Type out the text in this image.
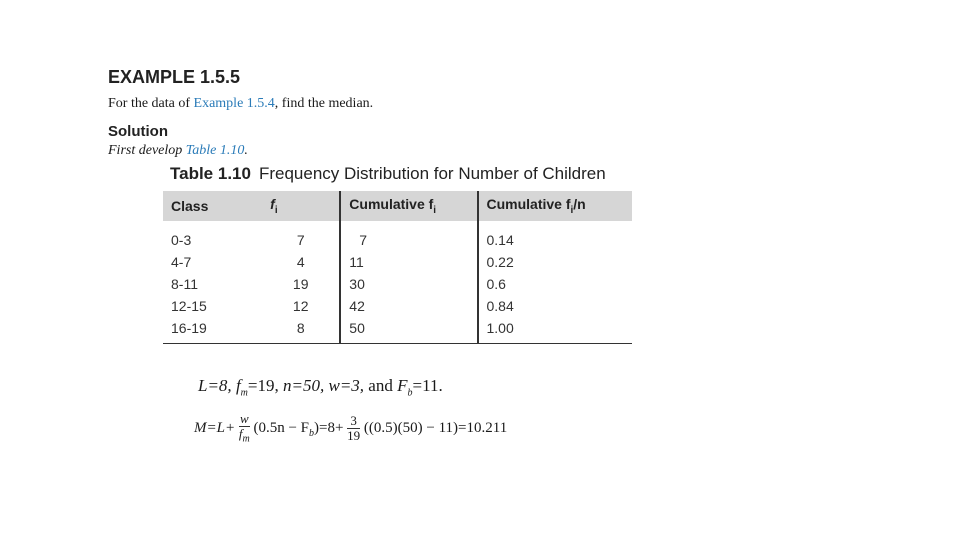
EXAMPLE 1.5.5
For the data of Example 1.5.4, find the median.
Solution
First develop Table 1.10.
Table 1.10 Frequency Distribution for Number of Children
Class	$f_i$	Cumulative $f_i$	Cumulative $f_i/n$
0-3	7	7	0.14
4-7	4	11	0.22
8-11	19	30	0.6
12-15	12	42	0.84
16-19	8	50	1.00
L=8, $f_m=19$, n=50, w=3, and $F_b=11$.
$M=L+ \frac{w}{f_m} (0.5n - F_b)=8+ \frac{3}{19} ((0.5)(50) - 11)=10.211$
